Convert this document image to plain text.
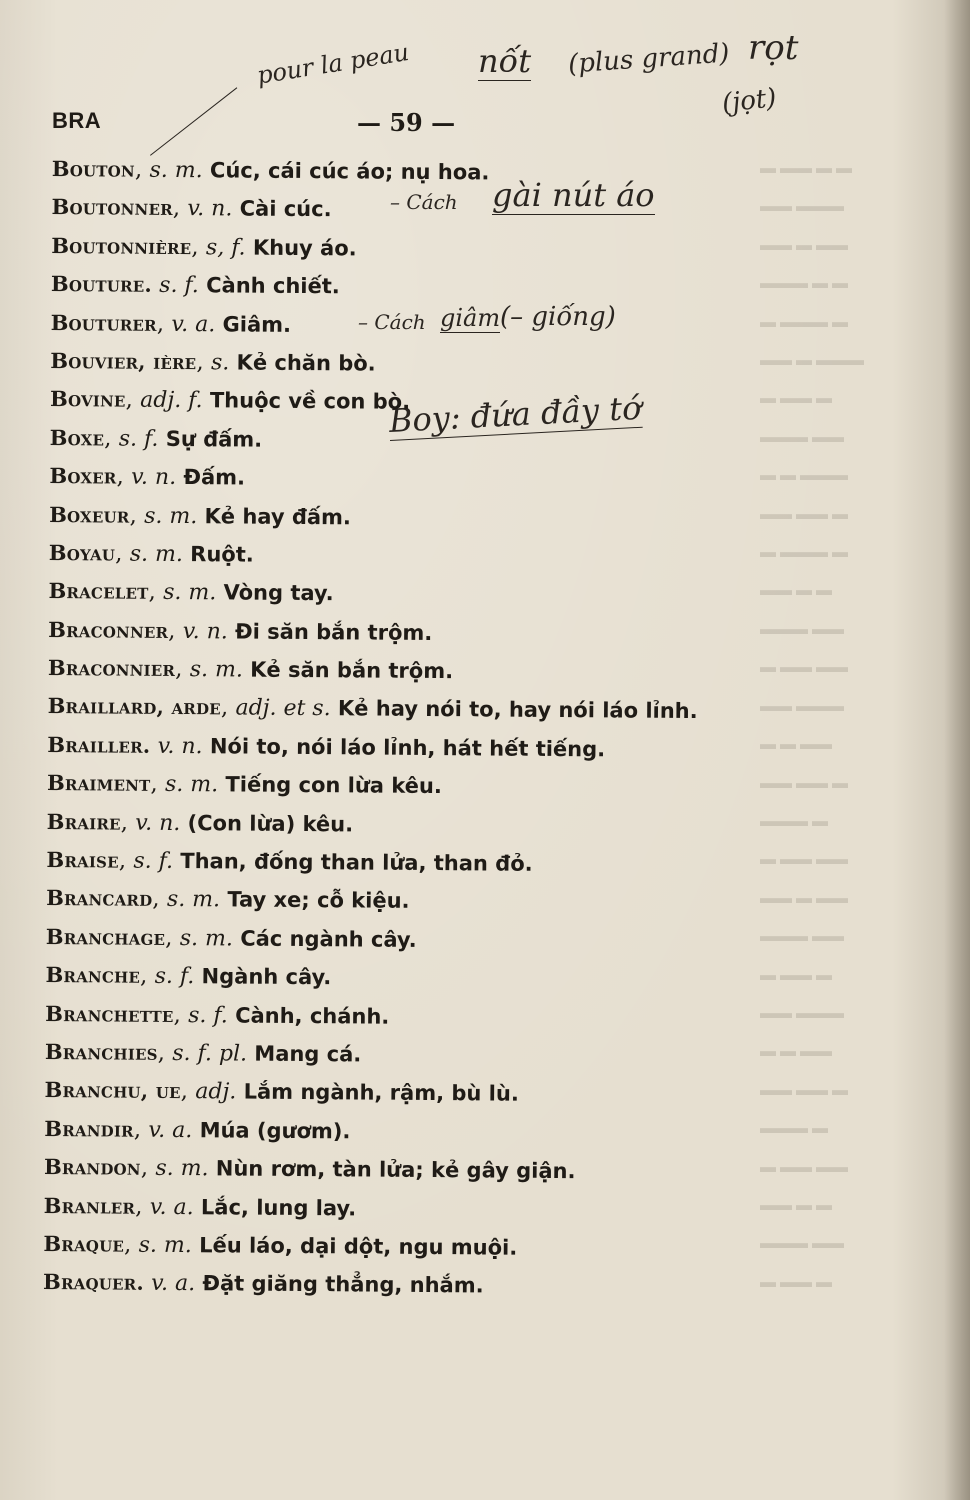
BRA	— 59 —
pour la peau nốt (plus grand) rọt
(jọt)
– Cách gài nút áo
– Cách giâm (– giống)
Boy: đứa đầy tớ
▬ ▬▬ ▬ ▬
▬▬ ▬▬▬
▬▬ ▬ ▬▬
▬▬▬ ▬ ▬
▬ ▬▬▬ ▬
▬▬ ▬ ▬▬▬
▬ ▬▬ ▬
▬▬▬ ▬▬
▬ ▬ ▬▬▬
▬▬ ▬▬ ▬
▬ ▬▬▬ ▬
▬▬ ▬ ▬
▬▬▬ ▬▬
▬ ▬▬ ▬▬
▬▬ ▬▬▬
▬ ▬ ▬▬
▬▬ ▬▬ ▬
▬▬▬ ▬
▬ ▬▬ ▬▬
▬▬ ▬ ▬▬
▬▬▬ ▬▬
▬ ▬▬ ▬
▬▬ ▬▬▬
▬ ▬ ▬▬
▬▬ ▬▬ ▬
▬▬▬ ▬
▬ ▬▬ ▬▬
▬▬ ▬ ▬
▬▬▬ ▬▬
▬ ▬▬ ▬
Bouton, s. m. Cúc, cái cúc áo; nụ hoa.
Boutonner, v. n. Cài cúc.
Boutonnière, s, f. Khuy áo.
Bouture. s. f. Cành chiết.
Bouturer, v. a. Giâm.
Bouvier, ière, s. Kẻ chăn bò.
Bovine, adj. f. Thuộc về con bò.
Boxe, s. f. Sự đấm.
Boxer, v. n. Đấm.
Boxeur, s. m. Kẻ hay đấm.
Boyau, s. m. Ruột.
Bracelet, s. m. Vòng tay.
Braconner, v. n. Đi săn bắn trộm.
Braconnier, s. m. Kẻ săn bắn trộm.
Braillard, arde, adj. et s. Kẻ hay nói to, hay nói láo lỉnh.
Brailler. v. n. Nói to, nói láo lỉnh, hát hết tiếng.
Braiment, s. m. Tiếng con lừa kêu.
Braire, v. n. (Con lừa) kêu.
Braise, s. f. Than, đống than lửa, than đỏ.
Brancard, s. m. Tay xe; cỗ kiệu.
Branchage, s. m. Các ngành cây.
Branche, s. f. Ngành cây.
Branchette, s. f. Cành, chánh.
Branchies, s. f. pl. Mang cá.
Branchu, ue, adj. Lắm ngành, rậm, bù lù.
Brandir, v. a. Múa (gươm).
Brandon, s. m. Nùn rơm, tàn lửa; kẻ gây giận.
Branler, v. a. Lắc, lung lay.
Braque, s. m. Lếu láo, dại dột, ngu muội.
Braquer. v. a. Đặt giăng thẳng, nhắm.
